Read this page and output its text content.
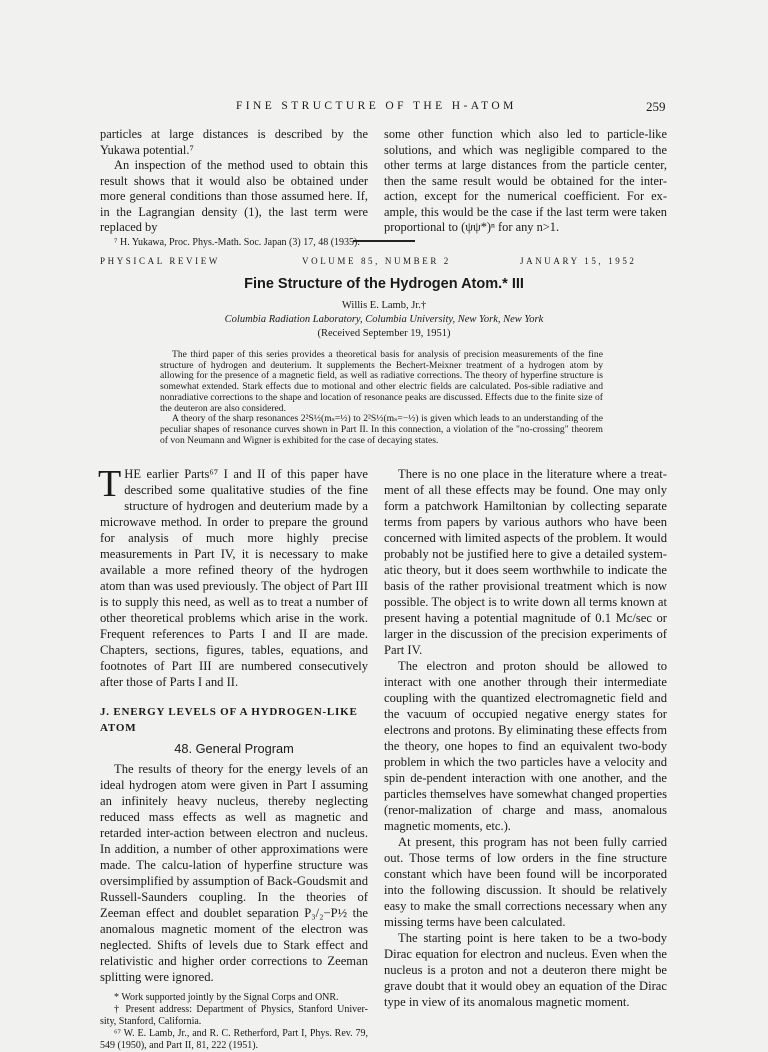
FINE STRUCTURE OF THE H-ATOM	259

particles at large distances is described by the Yukawa potential.⁷

An inspection of the method used to obtain this result shows that it would also be obtained under more general conditions than those assumed here. If, in the Lagrangian density (1), the last term were replaced by

⁷ H. Yukawa, Proc. Phys.-Math. Soc. Japan (3) 17, 48 (1935).

some other function which also led to particle-like solutions, and which was negligible compared to the other terms at large distances from the particle center, then the same result would be obtained for the inter-action, except for the numerical coefficient. For ex-ample, this would be the case if the last term were taken proportional to (ψψ*)ⁿ for any n>1.

PHYSICAL REVIEW	VOLUME 85, NUMBER 2	JANUARY 15, 1952
Fine Structure of the Hydrogen Atom.* III
Willis E. Lamb, Jr.†
Columbia Radiation Laboratory, Columbia University, New York, New York
(Received September 19, 1951)

The third paper of this series provides a theoretical basis for analysis of precision measurements of the fine structure of hydrogen and deuterium. It supplements the Bechert-Meixner treatment of a hydrogen atom by allowing for the presence of a magnetic field, as well as radiative corrections. The theory of hyperfine structure is somewhat extended. Stark effects due to motional and other electric fields are calculated. Pos-sible radiative and nonradiative corrections to the shape and location of resonance peaks are discussed. Effects due to the finite size of the deuteron are also considered.

A theory of the sharp resonances 2²S½(mₛ=½) to 2²S½(mₛ=−½) is given which leads to an understanding of the peculiar shapes of resonance curves shown in Part II. In this connection, a violation of the "no-crossing" theorem of von Neumann and Wigner is exhibited for the case of decaying states.

THE earlier Parts⁶⁷ I and II of this paper have described some qualitative studies of the fine structure of hydrogen and deuterium made by a microwave method. In order to prepare the ground for analysis of much more highly precise measurements in Part IV, it is necessary to make available a more refined theory of the hydrogen atom than was used previously. The object of Part III is to supply this need, as well as to treat a number of other theoretical problems which arise in the work. Frequent references to Parts I and II are made. Chapters, sections, figures, tables, equations, and footnotes of Part III are numbered consecutively after those of Parts I and II.

J. ENERGY LEVELS OF A HYDROGEN-LIKE ATOM

48. General Program

The results of theory for the energy levels of an ideal hydrogen atom were given in Part I assuming an infinitely heavy nucleus, thereby neglecting reduced mass effects as well as magnetic and retarded inter-action between electron and nucleus. In addition, a number of other approximations were made. The calcu-lation of hyperfine structure was oversimplified by assumption of Back-Goudsmit and Russell-Saunders coupling. In the theories of Zeeman effect and doublet separation P₃/₂−P½ the anomalous magnetic moment of the electron was neglected. Shifts of levels due to Stark effect and relativistic and higher order corrections to Zeeman splitting were ignored.

* Work supported jointly by the Signal Corps and ONR.

† Present address: Department of Physics, Stanford Univer-sity, Stanford, California.

⁶⁷ W. E. Lamb, Jr., and R. C. Retherford, Part I, Phys. Rev. 79, 549 (1950), and Part II, 81, 222 (1951).

There is no one place in the literature where a treat-ment of all these effects may be found. One may only form a patchwork Hamiltonian by collecting separate terms from papers by various authors who have been concerned with limited aspects of the problem. It would probably not be justified here to give a detailed system-atic theory, but it does seem worthwhile to indicate the basis of the rather provisional treatment which is now possible. The object is to write down all terms known at present having a potential magnitude of 0.1 Mc/sec or larger in the discussion of the precision experiments of Part IV.

The electron and proton should be allowed to interact with one another through their intermediate coupling with the quantized electromagnetic field and the vacuum of occupied negative energy states for electrons and protons. By eliminating these effects from the theory, one hopes to find an equivalent two-body problem in which the two particles have a velocity and spin de-pendent interaction with one another, and the particles themselves have somewhat changed properties (renor-malization of charge and mass, anomalous magnetic moments, etc.).

At present, this program has not been fully carried out. Those terms of low orders in the fine structure constant which have been found will be incorporated into the following discussion. It should be relatively easy to make the small corrections necessary when any missing terms have been calculated.

The starting point is here taken to be a two-body Dirac equation for electron and nucleus. Even when the nucleus is a proton and not a deuteron there might be grave doubt that it would obey an equation of the Dirac type in view of its anomalous magnetic moment.
